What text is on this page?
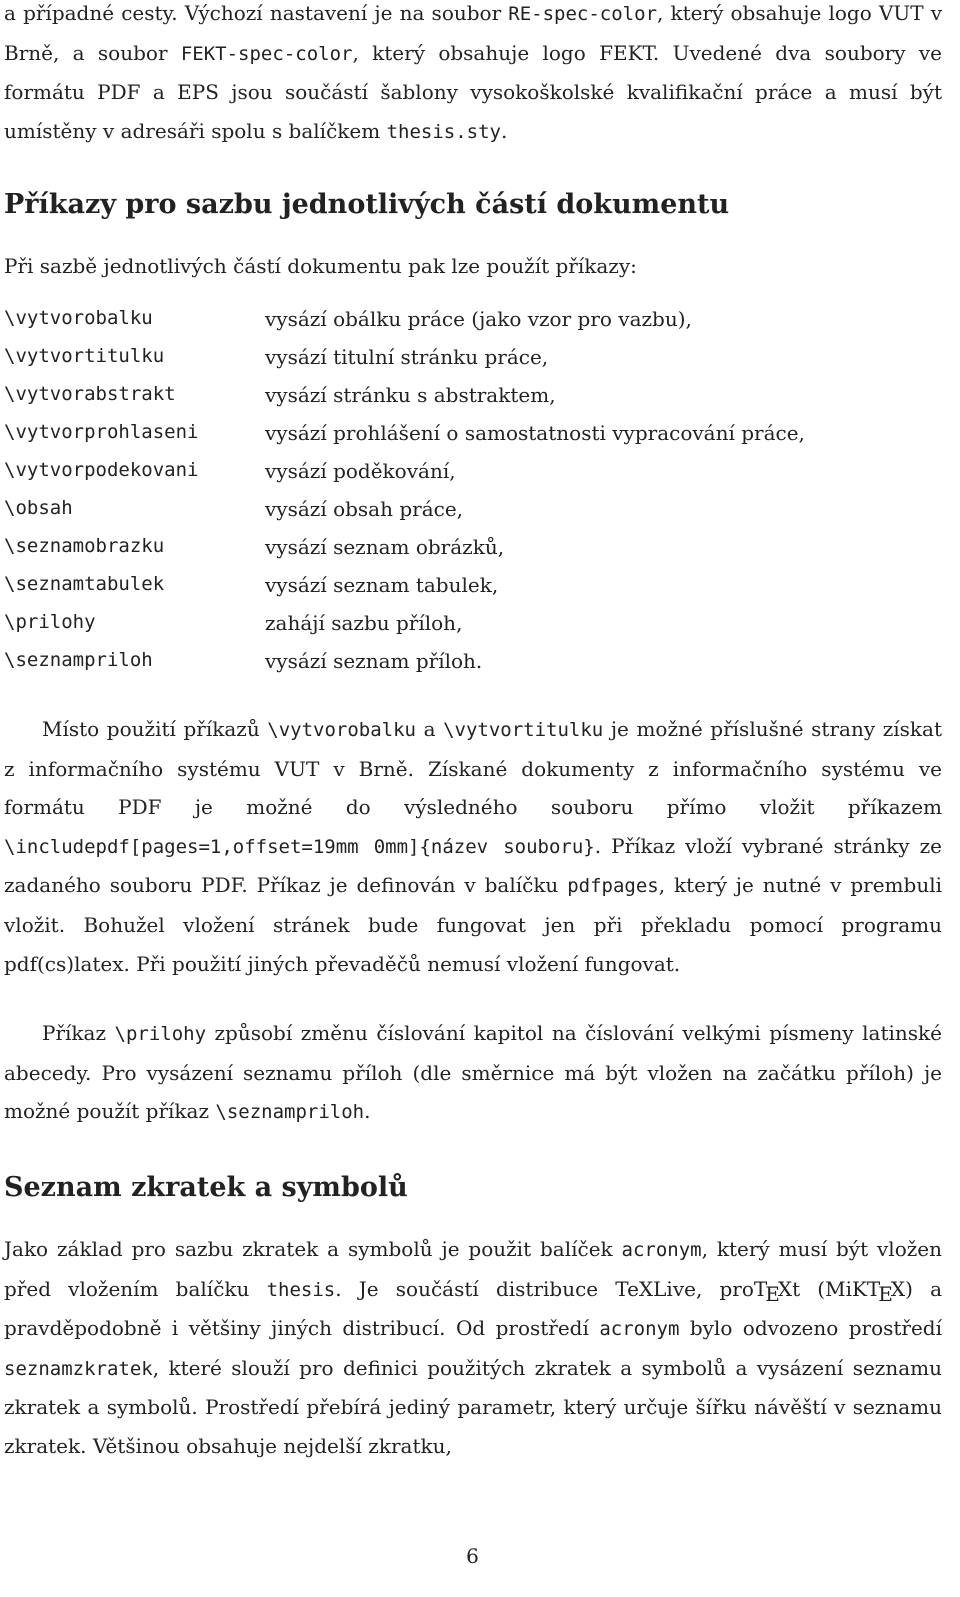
a případné cesty. Výchozí nastavení je na soubor RE-spec-color, který obsahuje logo VUT v Brně, a soubor FEKT-spec-color, který obsahuje logo FEKT. Uvedené dva soubory ve formátu PDF a EPS jsou součástí šablony vysokoškolské kvalifikační práce a musí být umístěny v adresáři spolu s balíčkem thesis.sty.

Příkazy pro sazbu jednotlivých částí dokumentu

Při sazbě jednotlivých částí dokumentu pak lze použít příkazy:

\vytvorobalku	vysází obálku práce (jako vzor pro vazbu),
\vytvortitulku	vysází titulní stránku práce,
\vytvorabstrakt	vysází stránku s abstraktem,
\vytvorprohlaseni	vysází prohlášení o samostatnosti vypracování práce,
\vytvorpodekovani	vysází poděkování,
\obsah	vysází obsah práce,
\seznamobrazku	vysází seznam obrázků,
\seznamtabulek	vysází seznam tabulek,
\prilohy	zahájí sazbu příloh,
\seznampriloh	vysází seznam příloh.

Místo použití příkazů \vytvorobalku a \vytvortitulku je možné příslušné strany získat z informačního systému VUT v Brně. Získané dokumenty z informačního systému ve formátu PDF je možné do výsledného souboru přímo vložit příkazem \includepdf[pages=1,offset=19mm 0mm]{název souboru}. Příkaz vloží vybrané stránky ze zadaného souboru PDF. Příkaz je definován v balíčku pdfpages, který je nutné v prembuli vložit. Bohužel vložení stránek bude fungovat jen při překladu pomocí programu pdf(cs)latex. Při použití jiných převaděčů nemusí vložení fungovat.

Příkaz \prilohy způsobí změnu číslování kapitol na číslování velkými písmeny latinské abecedy. Pro vysázení seznamu příloh (dle směrnice má být vložen na začátku příloh) je možné použít příkaz \seznampriloh.

Seznam zkratek a symbolů

Jako základ pro sazbu zkratek a symbolů je použit balíček acronym, který musí být vložen před vložením balíčku thesis. Je součástí distribuce TeXLive, proTEXt (MiKTEX) a pravděpodobně i většiny jiných distribucí. Od prostředí acronym bylo odvozeno prostředí seznamzkratek, které slouží pro definici použitých zkratek a symbolů a vysázení seznamu zkratek a symbolů. Prostředí přebírá jediný parametr, který určuje šířku návěští v seznamu zkratek. Většinou obsahuje nejdelší zkratku,

6
